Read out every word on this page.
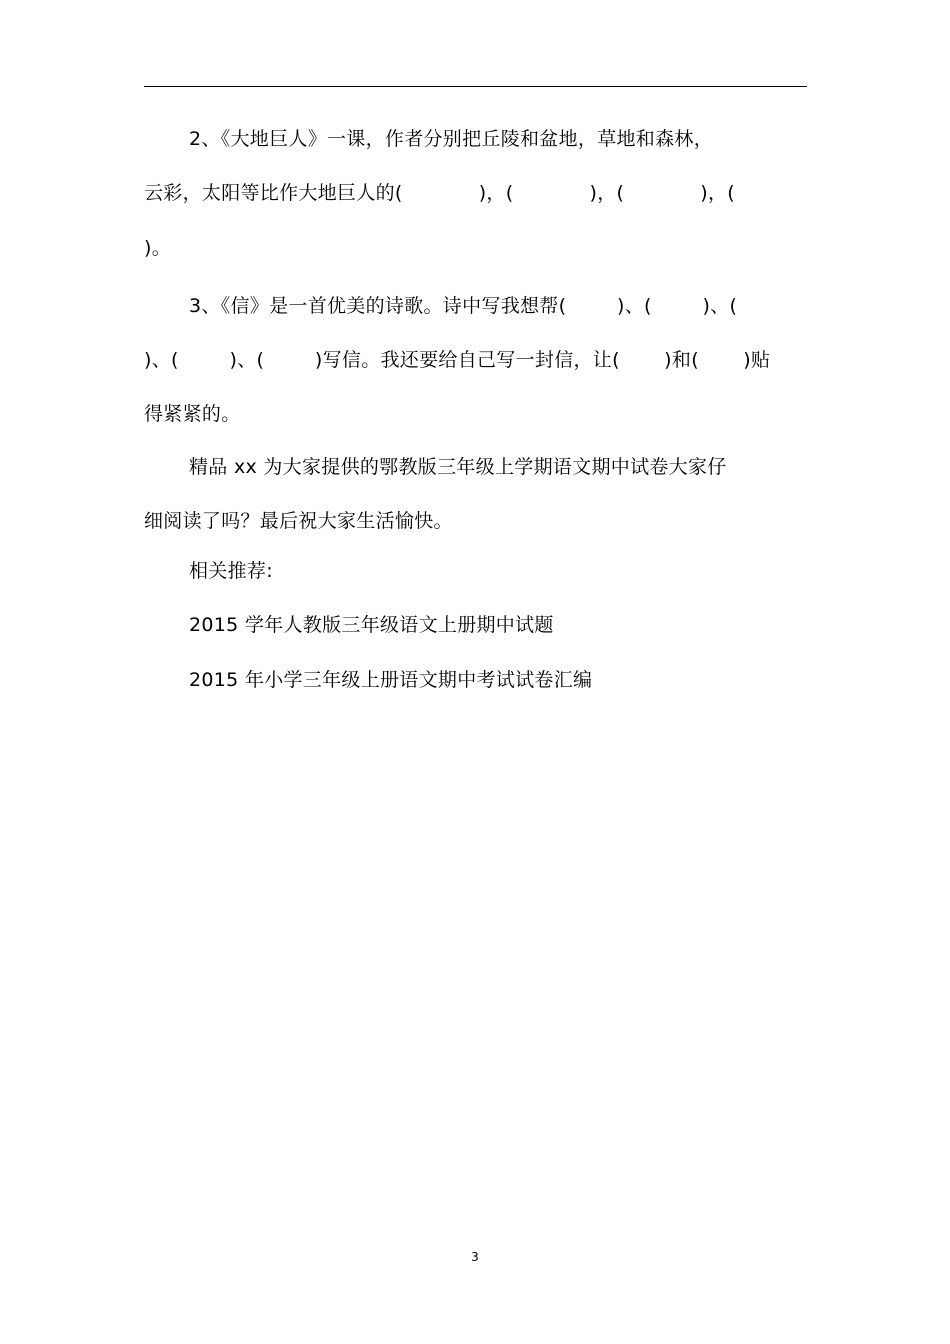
2、《大地巨人》一课，作者分别把丘陵和盆地，草地和森林，
云彩，太阳等比作大地巨人的(            )，(            )，(            )，(
)。
3、《信》是一首优美的诗歌。诗中写我想帮(        )、(        )、(
)、(        )、(        )写信。我还要给自己写一封信，让(       )和(       )贴
得紧紧的。
精品 xx 为大家提供的鄂教版三年级上学期语文期中试卷大家仔
细阅读了吗？最后祝大家生活愉快。
相关推荐:
2015 学年人教版三年级语文上册期中试题
2015 年小学三年级上册语文期中考试试卷汇编
3
